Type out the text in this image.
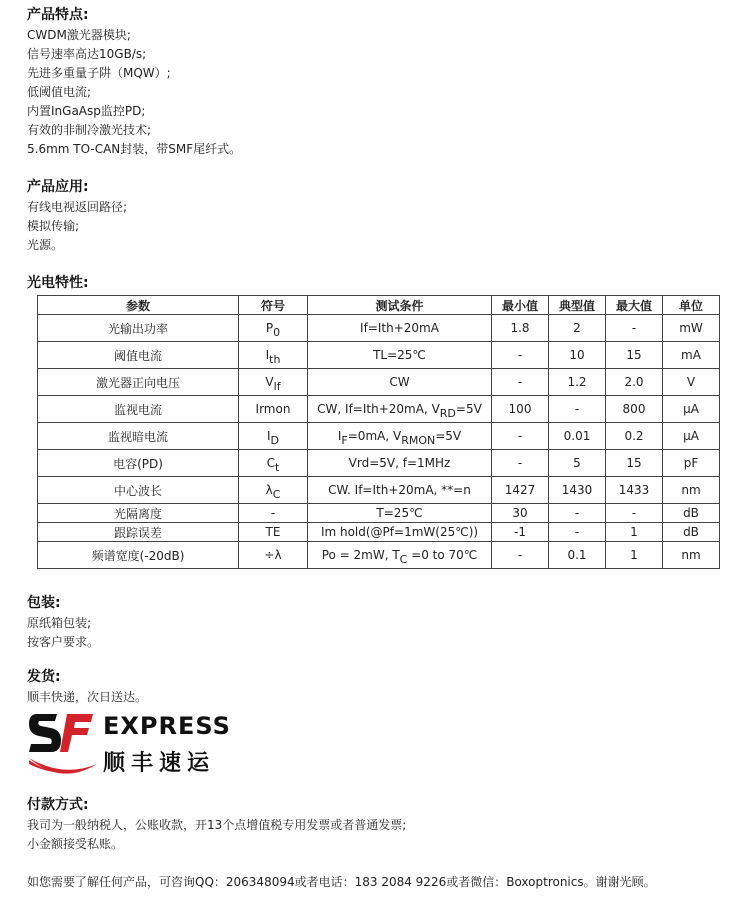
产品特点:
CWDM激光器模块;
信号速率高达10GB/s;
先进多重量子阱（MQW）;
低阈值电流;
内置InGaAsp监控PD;
有效的非制冷激光技术;
5.6mm TO-CAN封装，带SMF尾纤式。
产品应用:
有线电视返回路径;
模拟传输;
光源。
光电特性:
参数	符号	测试条件	最小值	典型值	最大值	单位
光输出功率	P0	If=Ith+20mA	1.8	2	-	mW
阈值电流	Ith	TL=25℃	-	10	15	mA
激光器正向电压	Vlf	CW	-	1.2	2.0	V
监视电流	Irmon	CW, If=Ith+20mA, VRD=5V	100	-	800	μA
监视暗电流	ID	IF=0mA, VRMON=5V	-	0.01	0.2	μA
电容(PD)	Ct	Vrd=5V, f=1MHz	-	5	15	pF
中心波长	λC	CW. If=Ith+20mA, **=n	1427	1430	1433	nm
光隔离度	-	T=25℃	30	-	-	dB
跟踪误差	TE	Im hold(@Pf=1mW(25℃))	-1	-	1	dB
频谱宽度(-20dB)	÷λ	Po = 2mW, TC =0 to 70℃	-	0.1	1	nm
包装:
原纸箱包装;
按客户要求。
发货:
顺丰快递，次日送达。
EXPRESS
顺丰速运
付款方式:
我司为一般纳税人，公账收款，开13个点增值税专用发票或者普通发票;
小金额接受私账。
如您需要了解任何产品，可咨询QQ：206348094或者电话：183 2084 9226或者微信：Boxoptronics。谢谢光顾。
